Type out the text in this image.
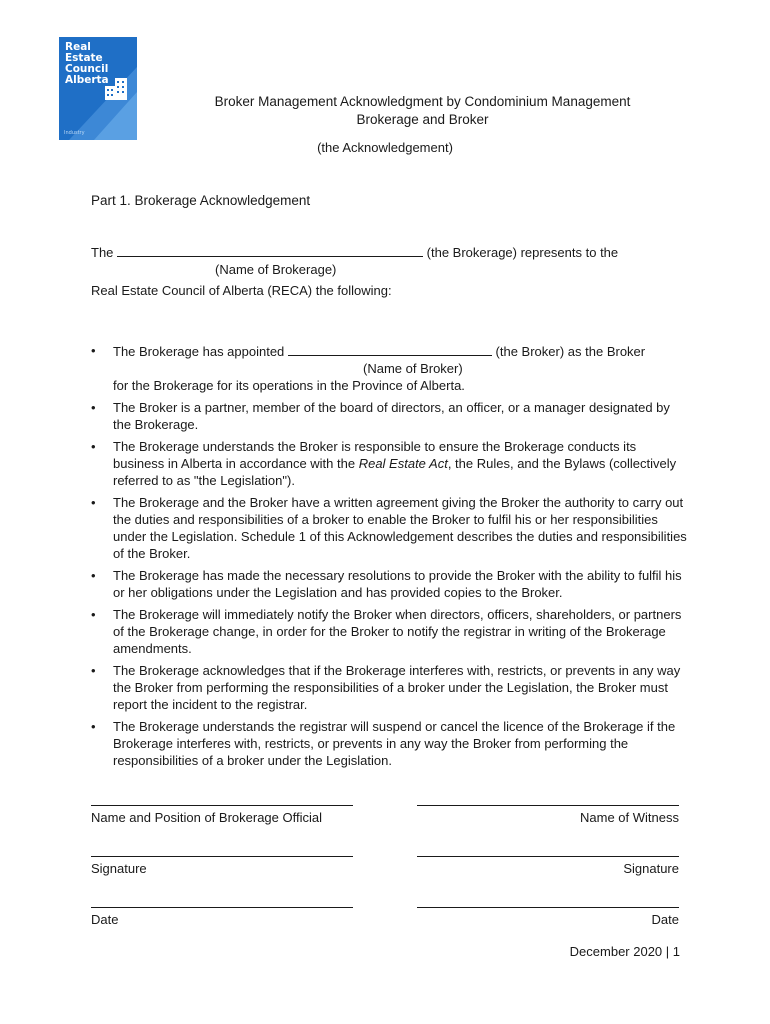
Real
Estate
Council
Alberta
Industry
Broker Management Acknowledgment by Condominium Management
Brokerage and Broker
(the Acknowledgement)
Part 1. Brokerage Acknowledgement
The	(the Brokerage) represents to the
(Name of Brokerage)
Real Estate Council of Alberta (RECA) the following:
• The Brokerage has appointed	(the Broker) as the Broker
(Name of Broker)
for the Brokerage for its operations in the Province of Alberta.
• The Broker is a partner, member of the board of directors, an officer, or a manager designated by the Brokerage.
• The Brokerage understands the Broker is responsible to ensure the Brokerage conducts its business in Alberta in accordance with the Real Estate Act, the Rules, and the Bylaws (collectively referred to as "the Legislation").
• The Brokerage and the Broker have a written agreement giving the Broker the authority to carry out the duties and responsibilities of a broker to enable the Broker to fulfil his or her responsibilities under the Legislation. Schedule 1 of this Acknowledgement describes the duties and responsibilities of the Broker.
• The Brokerage has made the necessary resolutions to provide the Broker with the ability to fulfil his or her obligations under the Legislation and has provided copies to the Broker.
• The Brokerage will immediately notify the Broker when directors, officers, shareholders, or partners of the Brokerage change, in order for the Broker to notify the registrar in writing of the Brokerage amendments.
• The Brokerage acknowledges that if the Brokerage interferes with, restricts, or prevents in any way the Broker from performing the responsibilities of a broker under the Legislation, the Broker must report the incident to the registrar.
• The Brokerage understands the registrar will suspend or cancel the licence of the Brokerage if the Brokerage interferes with, restricts, or prevents in any way the Broker from performing the responsibilities of a broker under the Legislation.
Name and Position of Brokerage Official	Name of Witness
Signature	Signature
Date	Date
December 2020 | 1
